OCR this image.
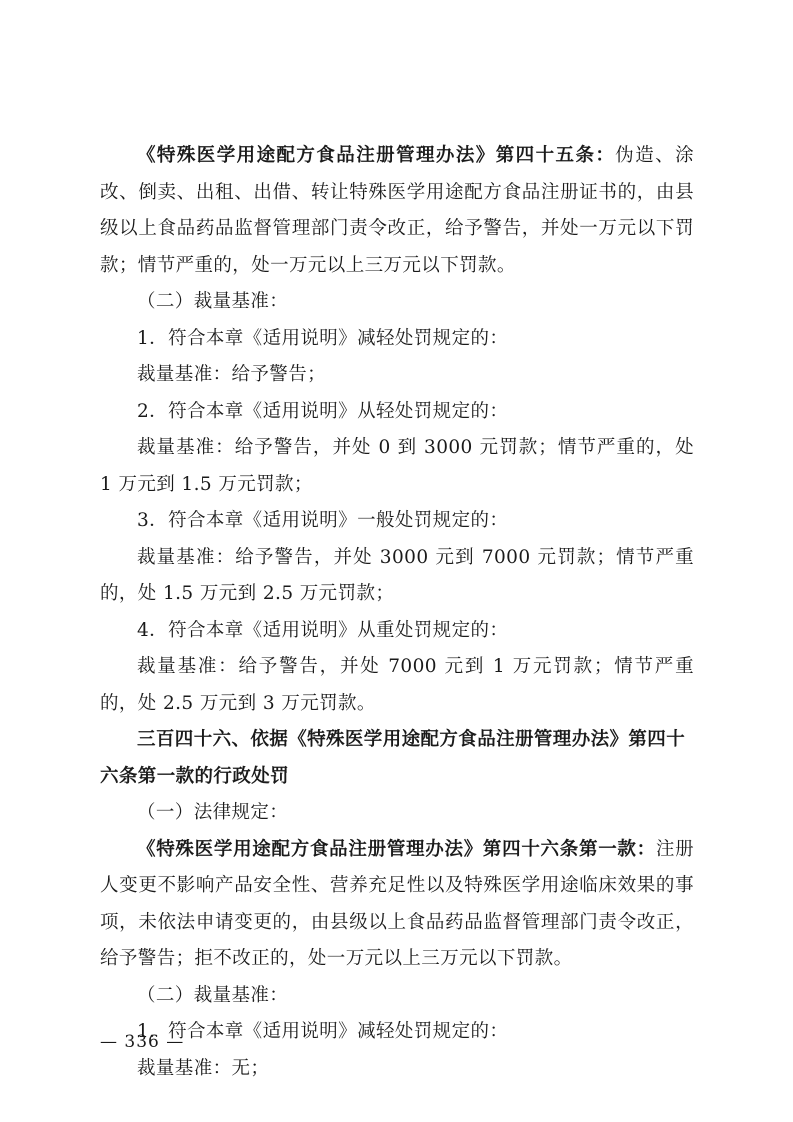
《特殊医学用途配方食品注册管理办法》第四十五条：伪造、涂改、倒卖、出租、出借、转让特殊医学用途配方食品注册证书的，由县级以上食品药品监督管理部门责令改正，给予警告，并处一万元以下罚款；情节严重的，处一万元以上三万元以下罚款。

（二）裁量基准：

1．符合本章《适用说明》减轻处罚规定的：

裁量基准：给予警告；

2．符合本章《适用说明》从轻处罚规定的：

裁量基准：给予警告，并处 0 到 3000 元罚款；情节严重的，处 1 万元到 1.5 万元罚款；

3．符合本章《适用说明》一般处罚规定的：

裁量基准：给予警告，并处 3000 元到 7000 元罚款；情节严重的，处 1.5 万元到 2.5 万元罚款；

4．符合本章《适用说明》从重处罚规定的：

裁量基准：给予警告，并处 7000 元到 1 万元罚款；情节严重的，处 2.5 万元到 3 万元罚款。

三百四十六、依据《特殊医学用途配方食品注册管理办法》第四十六条第一款的行政处罚

（一）法律规定：

《特殊医学用途配方食品注册管理办法》第四十六条第一款：注册人变更不影响产品安全性、营养充足性以及特殊医学用途临床效果的事项，未依法申请变更的，由县级以上食品药品监督管理部门责令改正，给予警告；拒不改正的，处一万元以上三万元以下罚款。

（二）裁量基准：

1．符合本章《适用说明》减轻处罚规定的：

裁量基准：无；

— 336 —
